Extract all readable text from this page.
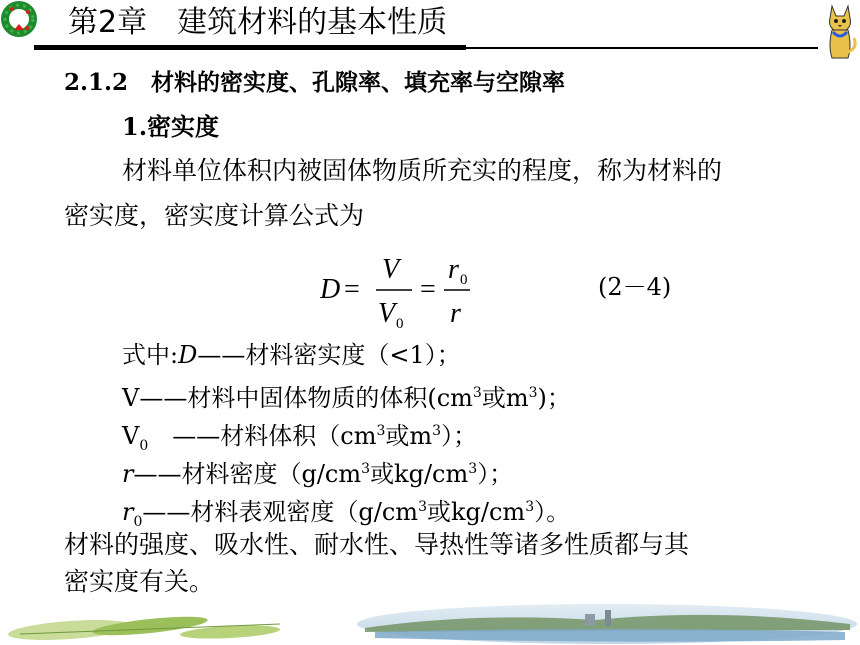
第2章　建筑材料的基本性质
2.1.2　材料的密实度、孔隙率、填充率与空隙率
1.密实度
材料单位体积内被固体物质所充实的程度，称为材料的
密实度，密实度计算公式为
D =
V
V 0
=
r 0
r
(2－4)
式中:D——材料密实度（<1）；
V——材料中固体物质的体积($cm^3$或$m^3$)；
$V_0$　——材料体积（$cm^3$或$m^3$）；
r——材料密度（$g/cm^3$或$kg/cm^3$）；
$r_0——$材料表观密度（$g/cm^3$或$kg/cm^3$）。
材料的强度、吸水性、耐水性、导热性等诸多性质都与其
密实度有关。
